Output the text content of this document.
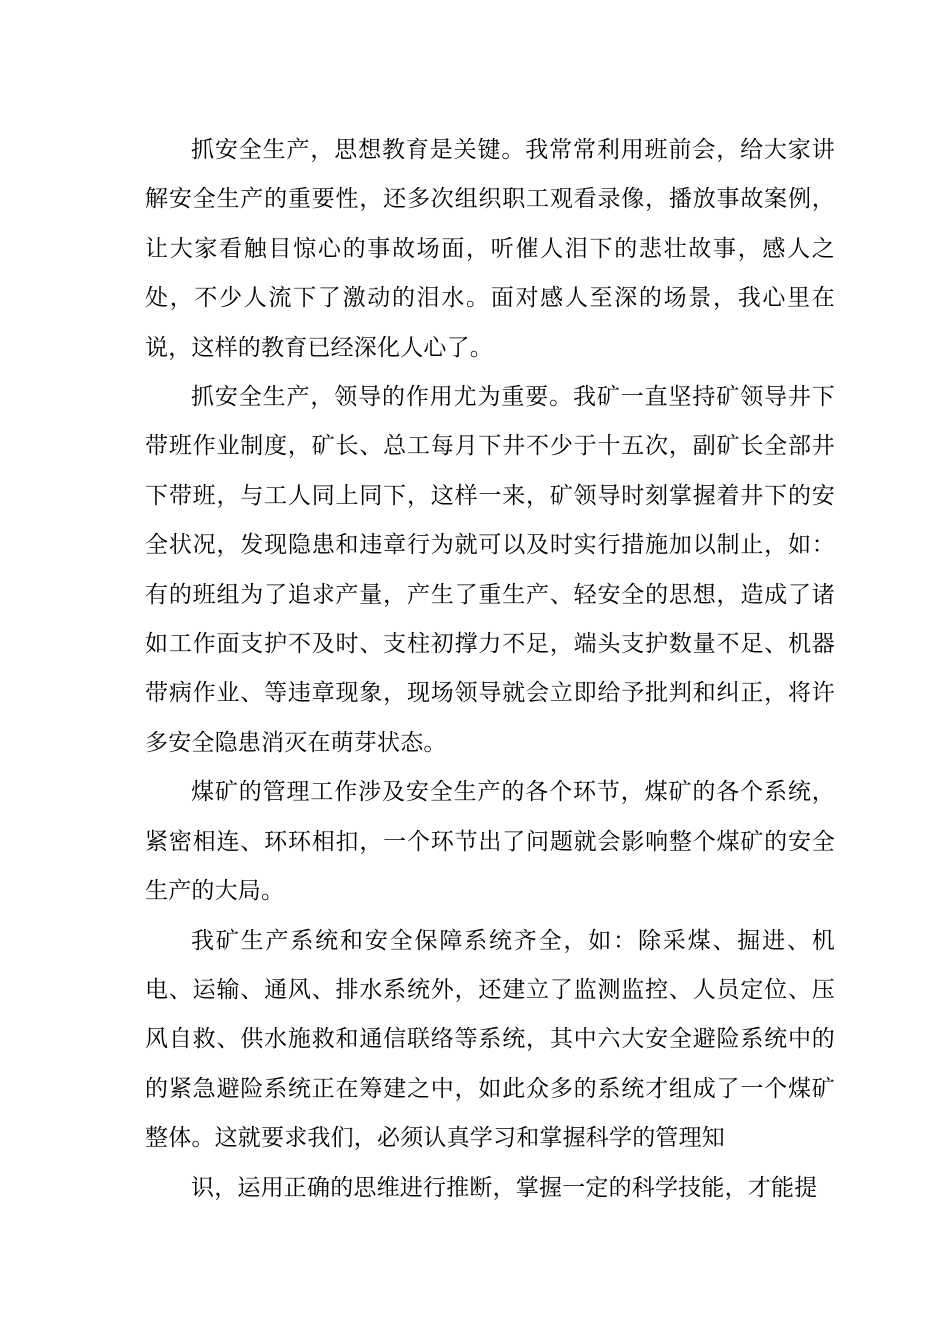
抓安全生产，思想教育是关键。我常常利用班前会，给大家讲解安全生产的重要性，还多次组织职工观看录像，播放事故案例，让大家看触目惊心的事故场面，听催人泪下的悲壮故事，感人之处，不少人流下了激动的泪水。面对感人至深的场景，我心里在说，这样的教育已经深化人心了。

抓安全生产，领导的作用尤为重要。我矿一直坚持矿领导井下带班作业制度，矿长、总工每月下井不少于十五次，副矿长全部井下带班，与工人同上同下，这样一来，矿领导时刻掌握着井下的安全状况，发现隐患和违章行为就可以及时实行措施加以制止，如：有的班组为了追求产量，产生了重生产、轻安全的思想，造成了诸如工作面支护不及时、支柱初撑力不足，端头支护数量不足、机器带病作业、等违章现象，现场领导就会立即给予批判和纠正，将许多安全隐患消灭在萌芽状态。

煤矿的管理工作涉及安全生产的各个环节，煤矿的各个系统，紧密相连、环环相扣，一个环节出了问题就会影响整个煤矿的安全生产的大局。

我矿生产系统和安全保障系统齐全，如：除采煤、掘进、机电、运输、通风、排水系统外，还建立了监测监控、人员定位、压风自救、供水施救和通信联络等系统，其中六大安全避险系统中的的紧急避险系统正在筹建之中，如此众多的系统才组成了一个煤矿整体。这就要求我们，必须认真学习和掌握科学的管理知

识，运用正确的思维进行推断，掌握一定的科学技能，才能提
